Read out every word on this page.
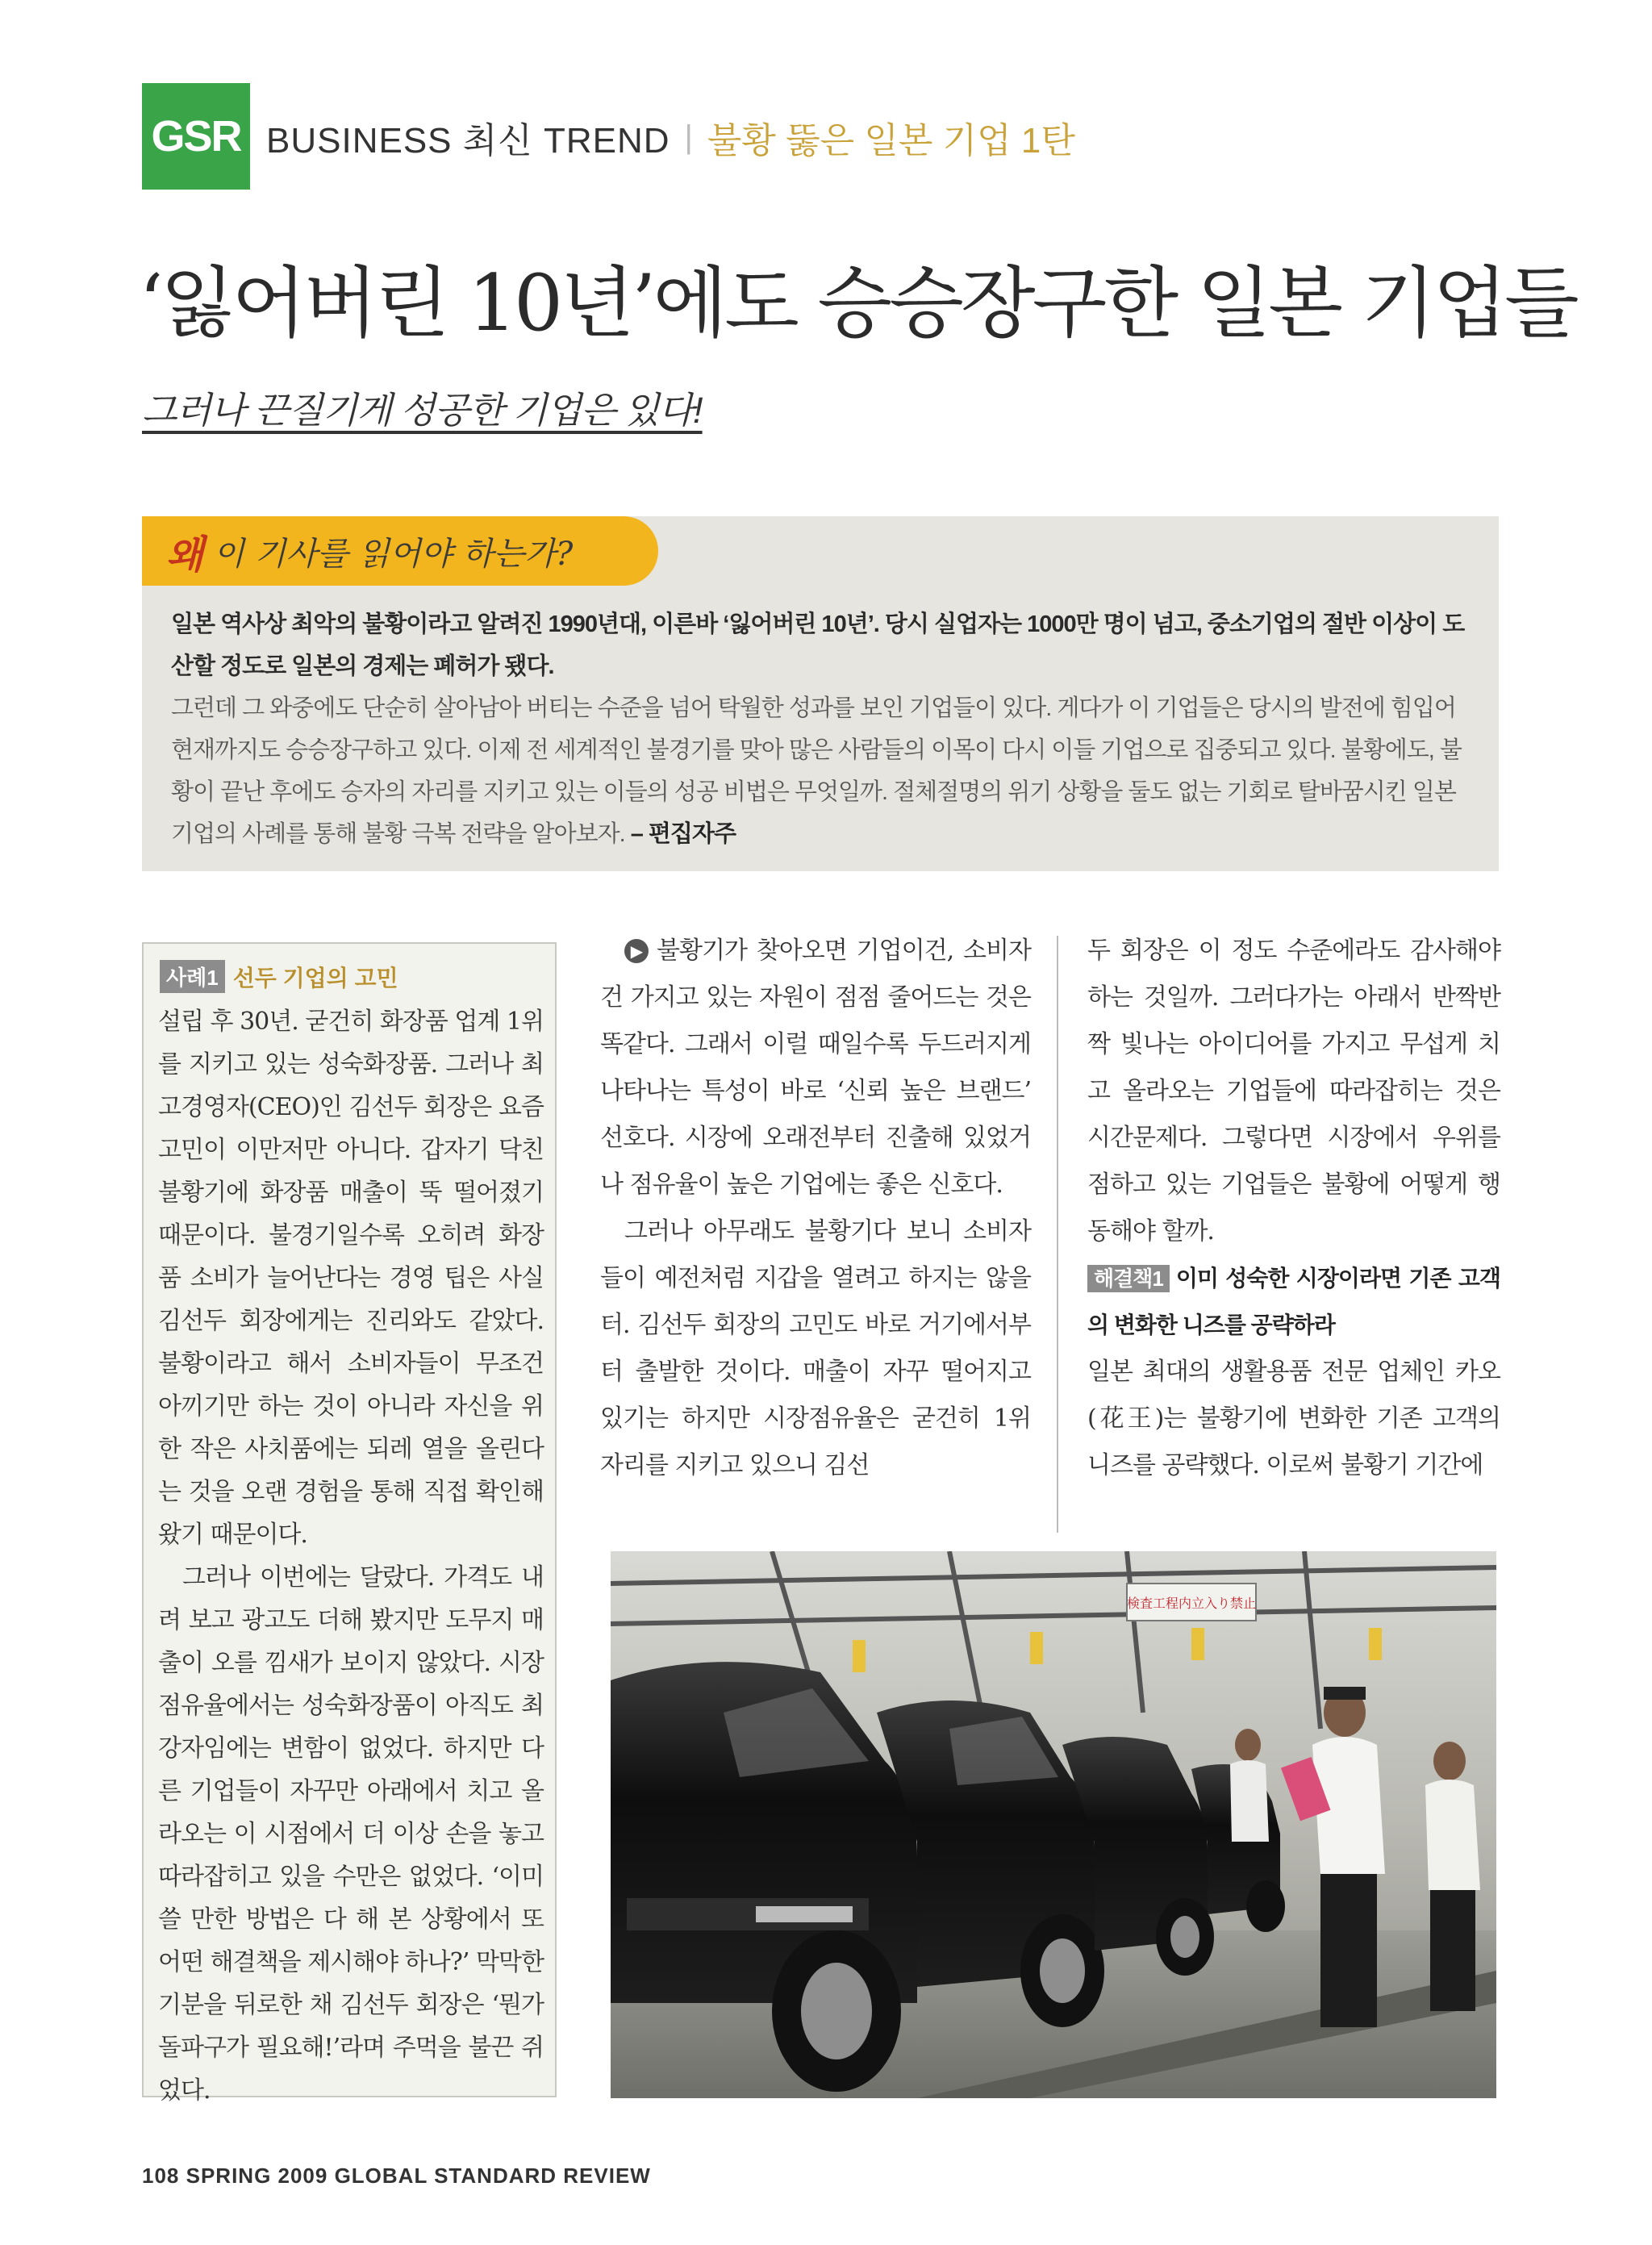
GSR BUSINESS 최신 TREND | 불황 뚫은 일본 기업 1탄
‘잃어버린 10년’에도 승승장구한 일본 기업들
그러나 끈질기게 성공한 기업은 있다!
왜 이 기사를 읽어야 하는가?
일본 역사상 최악의 불황이라고 알려진 1990년대, 이른바 ‘잃어버린 10년’. 당시 실업자는 1000만 명이 넘고, 중소기업의 절반 이상이 도산할 정도로 일본의 경제는 폐허가 됐다.
그런데 그 와중에도 단순히 살아남아 버티는 수준을 넘어 탁월한 성과를 보인 기업들이 있다. 게다가 이 기업들은 당시의 발전에 힘입어 현재까지도 승승장구하고 있다. 이제 전 세계적인 불경기를 맞아 많은 사람들의 이목이 다시 이들 기업으로 집중되고 있다. 불황에도, 불황이 끝난 후에도 승자의 자리를 지키고 있는 이들의 성공 비법은 무엇일까. 절체절명의 위기 상황을 둘도 없는 기회로 탈바꿈시킨 일본 기업의 사례를 통해 불황 극복 전략을 알아보자. – 편집자주
사례1 선두 기업의 고민

설립 후 30년. 굳건히 화장품 업계 1위를 지키고 있는 성숙화장품. 그러나 최고경영자(CEO)인 김선두 회장은 요즘 고민이 이만저만 아니다. 갑자기 닥친 불황기에 화장품 매출이 뚝 떨어졌기 때문이다. 불경기일수록 오히려 화장품 소비가 늘어난다는 경영 팁은 사실 김선두 회장에게는 진리와도 같았다. 불황이라고 해서 소비자들이 무조건 아끼기만 하는 것이 아니라 자신을 위한 작은 사치품에는 되레 열을 올린다는 것을 오랜 경험을 통해 직접 확인해 왔기 때문이다.

그러나 이번에는 달랐다. 가격도 내려 보고 광고도 더해 봤지만 도무지 매출이 오를 낌새가 보이지 않았다. 시장점유율에서는 성숙화장품이 아직도 최강자임에는 변함이 없었다. 하지만 다른 기업들이 자꾸만 아래에서 치고 올라오는 이 시점에서 더 이상 손을 놓고 따라잡히고 있을 수만은 없었다. ‘이미 쓸 만한 방법은 다 해 본 상황에서 또 어떤 해결책을 제시해야 하나?’ 막막한 기분을 뒤로한 채 김선두 회장은 ‘뭔가 돌파구가 필요해!’라며 주먹을 불끈 쥐었다.

▶ 불황기가 찾아오면 기업이건, 소비자건 가지고 있는 자원이 점점 줄어드는 것은 똑같다. 그래서 이럴 때일수록 두드러지게 나타나는 특성이 바로 ‘신뢰 높은 브랜드’ 선호다. 시장에 오래전부터 진출해 있었거나 점유율이 높은 기업에는 좋은 신호다.

그러나 아무래도 불황기다 보니 소비자들이 예전처럼 지갑을 열려고 하지는 않을 터. 김선두 회장의 고민도 바로 거기에서부터 출발한 것이다. 매출이 자꾸 떨어지고 있기는 하지만 시장점유율은 굳건히 1위 자리를 지키고 있으니 김선

두 회장은 이 정도 수준에라도 감사해야 하는 것일까. 그러다가는 아래서 반짝반짝 빛나는 아이디어를 가지고 무섭게 치고 올라오는 기업들에 따라잡히는 것은 시간문제다. 그렇다면 시장에서 우위를 점하고 있는 기업들은 불황에 어떻게 행동해야 할까.

해결책1 이미 성숙한 시장이라면 기존 고객의 변화한 니즈를 공략하라

일본 최대의 생활용품 전문 업체인 카오(花王)는 불황기에 변화한 기존 고객의 니즈를 공략했다. 이로써 불황기 기간에

検査工程内立入り禁止
108 SPRING 2009 GLOBAL STANDARD REVIEW
